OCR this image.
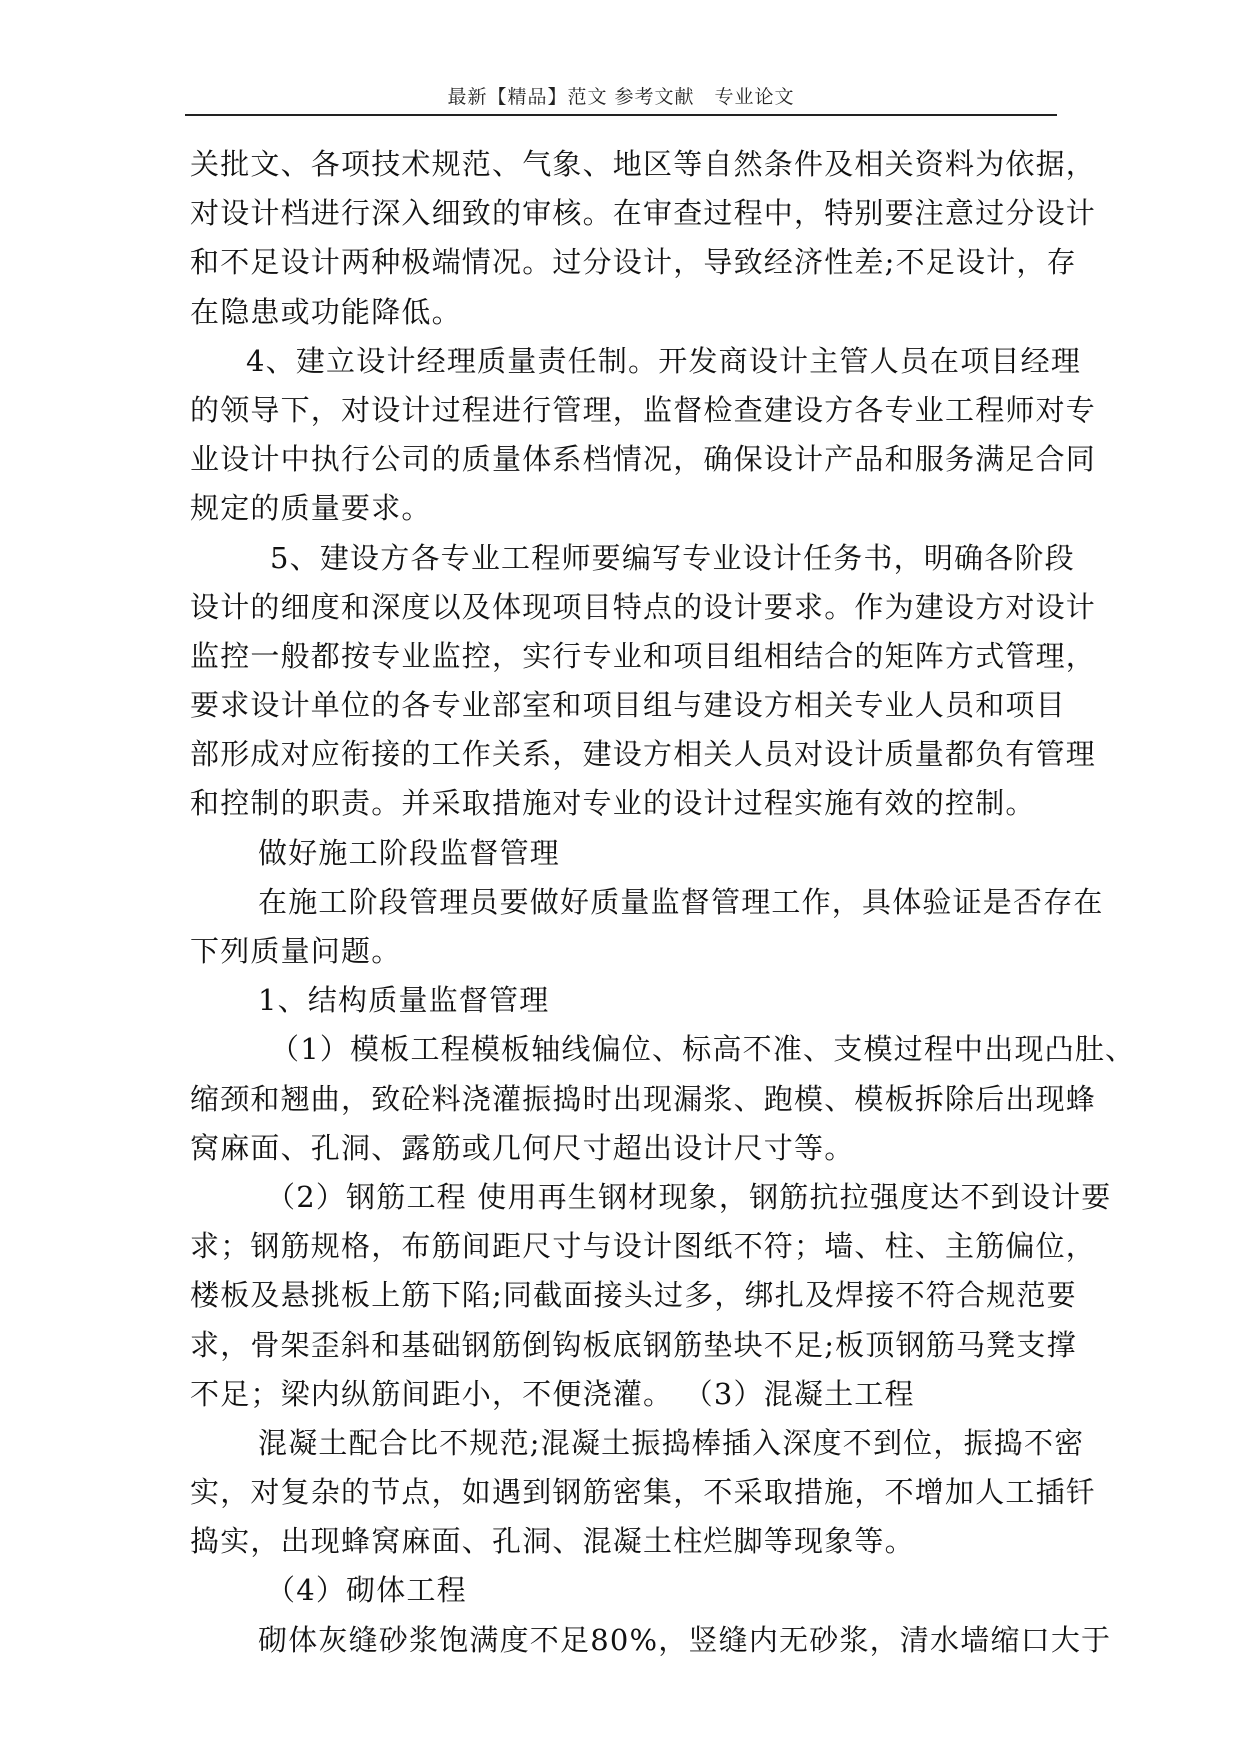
最新【精品】范文 参考文献　专业论文
关批文、各项技术规范、气象、地区等自然条件及相关资料为依据，
对设计档进行深入细致的审核。在审查过程中，特别要注意过分设计
和不足设计两种极端情况。过分设计，导致经济性差;不足设计，存
在隐患或功能降低。
4、建立设计经理质量责任制。开发商设计主管人员在项目经理
的领导下，对设计过程进行管理，监督检查建设方各专业工程师对专
业设计中执行公司的质量体系档情况，确保设计产品和服务满足合同
规定的质量要求。
5、建设方各专业工程师要编写专业设计任务书，明确各阶段
设计的细度和深度以及体现项目特点的设计要求。作为建设方对设计
监控一般都按专业监控，实行专业和项目组相结合的矩阵方式管理，
要求设计单位的各专业部室和项目组与建设方相关专业人员和项目
部形成对应衔接的工作关系，建设方相关人员对设计质量都负有管理
和控制的职责。并采取措施对专业的设计过程实施有效的控制。
做好施工阶段监督管理
在施工阶段管理员要做好质量监督管理工作，具体验证是否存在
下列质量问题。
1、结构质量监督管理
（1）模板工程模板轴线偏位、标高不准、支模过程中出现凸肚、
缩颈和翘曲，致砼料浇灌振捣时出现漏浆、跑模、模板拆除后出现蜂
窝麻面、孔洞、露筋或几何尺寸超出设计尺寸等。
（2）钢筋工程 使用再生钢材现象，钢筋抗拉强度达不到设计要
求；钢筋规格，布筋间距尺寸与设计图纸不符；墙、柱、主筋偏位，
楼板及悬挑板上筋下陷;同截面接头过多，绑扎及焊接不符合规范要
求，骨架歪斜和基础钢筋倒钩板底钢筋垫块不足;板顶钢筋马凳支撑
不足；梁内纵筋间距小，不便浇灌。 （3）混凝土工程
混凝土配合比不规范;混凝土振捣棒插入深度不到位，振捣不密
实，对复杂的节点，如遇到钢筋密集，不采取措施，不增加人工插钎
捣实，出现蜂窝麻面、孔洞、混凝土柱烂脚等现象等。
（4）砌体工程
砌体灰缝砂浆饱满度不足80%，竖缝内无砂浆，清水墙缩口大于
